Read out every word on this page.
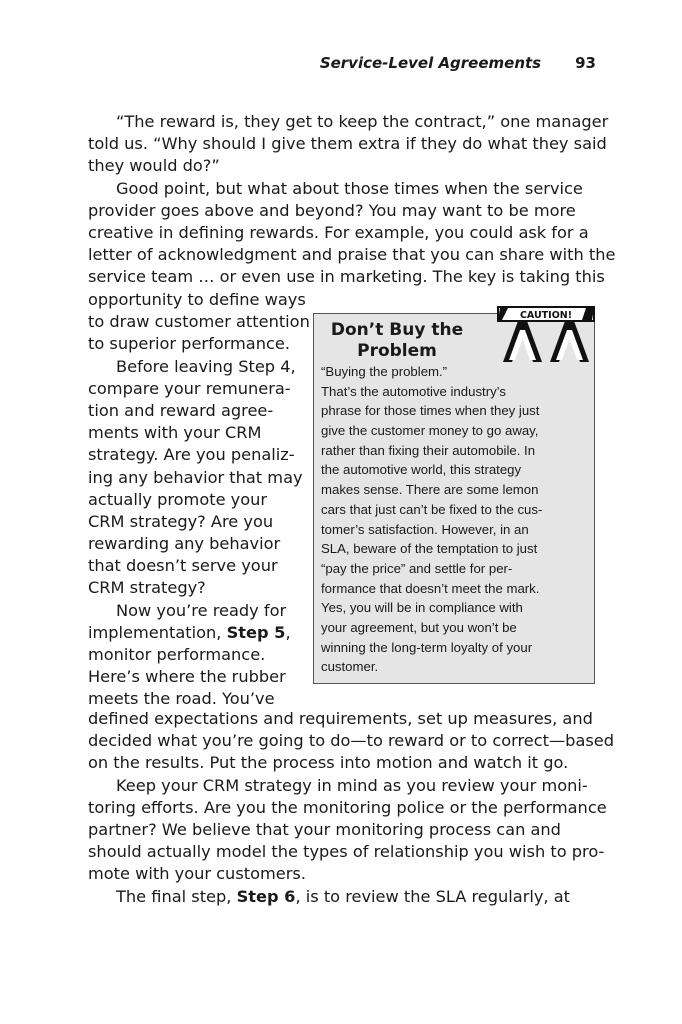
Service-Level Agreements 93
“The reward is, they get to keep the contract,” one manager
told us. “Why should I give them extra if they do what they said
they would do?”
Good point, but what about those times when the service
provider goes above and beyond? You may want to be more
creative in defining rewards. For example, you could ask for a
letter of acknowledgment and praise that you can share with the
service team … or even use in marketing. The key is taking this
opportunity to define ways
to draw customer attention
to superior performance.
Before leaving Step 4,
compare your remunera-
tion and reward agree-
ments with your CRM
strategy. Are you penaliz-
ing any behavior that may
actually promote your
CRM strategy? Are you
rewarding any behavior
that doesn’t serve your
CRM strategy?
Now you’re ready for
implementation, Step 5,
monitor performance.
Here’s where the rubber
meets the road. You’ve
defined expectations and requirements, set up measures, and
decided what you’re going to do—to reward or to correct—based
on the results. Put the process into motion and watch it go.
Keep your CRM strategy in mind as you review your moni-
toring efforts. Are you the monitoring police or the performance
partner? We believe that your monitoring process can and
should actually model the types of relationship you wish to pro-
mote with your customers.
The final step, Step 6, is to review the SLA regularly, at
Don’t Buy the
Problem
CAUTION!
“Buying the problem.”
That’s the automotive industry’s
phrase for those times when they just
give the customer money to go away,
rather than fixing their automobile. In
the automotive world, this strategy
makes sense. There are some lemon
cars that just can’t be fixed to the cus-
tomer’s satisfaction. However, in an
SLA, beware of the temptation to just
“pay the price” and settle for per-
formance that doesn’t meet the mark.
Yes, you will be in compliance with
your agreement, but you won’t be
winning the long-term loyalty of your
customer.
